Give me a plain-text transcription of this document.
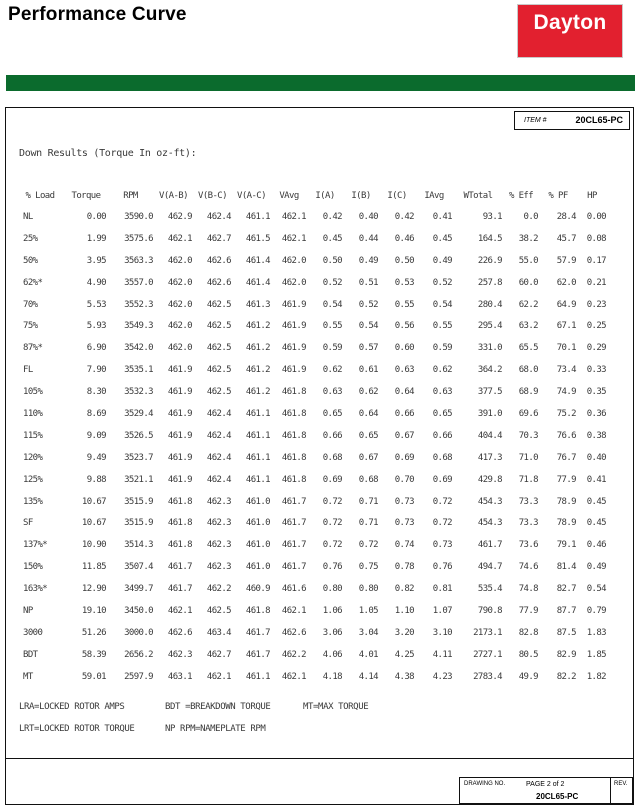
Performance Curve	Dayton
ITEM #	20CL65-PC
Down Results (Torque In oz-ft):
% Load	Torque	RPM	V(A-B)	V(B-C)	V(A-C)	VAvg	I(A)	I(B)	I(C)	IAvg	WTotal	% Eff	% PF	HP
NL	0.00	3590.0	462.9	462.4	461.1	462.1	0.42	0.40	0.42	0.41	93.1	0.0	28.4	0.00
25%	1.99	3575.6	462.1	462.7	461.5	462.1	0.45	0.44	0.46	0.45	164.5	38.2	45.7	0.08
50%	3.95	3563.3	462.0	462.6	461.4	462.0	0.50	0.49	0.50	0.49	226.9	55.0	57.9	0.17
62%*	4.90	3557.0	462.0	462.6	461.4	462.0	0.52	0.51	0.53	0.52	257.8	60.0	62.0	0.21
70%	5.53	3552.3	462.0	462.5	461.3	461.9	0.54	0.52	0.55	0.54	280.4	62.2	64.9	0.23
75%	5.93	3549.3	462.0	462.5	461.2	461.9	0.55	0.54	0.56	0.55	295.4	63.2	67.1	0.25
87%*	6.90	3542.0	462.0	462.5	461.2	461.9	0.59	0.57	0.60	0.59	331.0	65.5	70.1	0.29
FL	7.90	3535.1	461.9	462.5	461.2	461.9	0.62	0.61	0.63	0.62	364.2	68.0	73.4	0.33
105%	8.30	3532.3	461.9	462.5	461.2	461.8	0.63	0.62	0.64	0.63	377.5	68.9	74.9	0.35
110%	8.69	3529.4	461.9	462.4	461.1	461.8	0.65	0.64	0.66	0.65	391.0	69.6	75.2	0.36
115%	9.09	3526.5	461.9	462.4	461.1	461.8	0.66	0.65	0.67	0.66	404.4	70.3	76.6	0.38
120%	9.49	3523.7	461.9	462.4	461.1	461.8	0.68	0.67	0.69	0.68	417.3	71.0	76.7	0.40
125%	9.88	3521.1	461.9	462.4	461.1	461.8	0.69	0.68	0.70	0.69	429.8	71.8	77.9	0.41
135%	10.67	3515.9	461.8	462.3	461.0	461.7	0.72	0.71	0.73	0.72	454.3	73.3	78.9	0.45
SF	10.67	3515.9	461.8	462.3	461.0	461.7	0.72	0.71	0.73	0.72	454.3	73.3	78.9	0.45
137%*	10.90	3514.3	461.8	462.3	461.0	461.7	0.72	0.72	0.74	0.73	461.7	73.6	79.1	0.46
150%	11.85	3507.4	461.7	462.3	461.0	461.7	0.76	0.75	0.78	0.76	494.7	74.6	81.4	0.49
163%*	12.90	3499.7	461.7	462.2	460.9	461.6	0.80	0.80	0.82	0.81	535.4	74.8	82.7	0.54
NP	19.10	3450.0	462.1	462.5	461.8	462.1	1.06	1.05	1.10	1.07	790.8	77.9	87.7	0.79
3000	51.26	3000.0	462.6	463.4	461.7	462.6	3.06	3.04	3.20	3.10	2173.1	82.8	87.5	1.83
BDT	58.39	2656.2	462.3	462.7	461.7	462.2	4.06	4.01	4.25	4.11	2727.1	80.5	82.9	1.85
MT	59.01	2597.9	463.1	462.1	461.1	462.1	4.18	4.14	4.38	4.23	2783.4	49.9	82.2	1.82
LRA=LOCKED ROTOR AMPS	BDT =BREAKDOWN TORQUE	MT=MAX TORQUE
LRT=LOCKED ROTOR TORQUE	NP RPM=NAMEPLATE RPM
DRAWING NO.	PAGE 2 of 2
20CL65-PC
REV.
